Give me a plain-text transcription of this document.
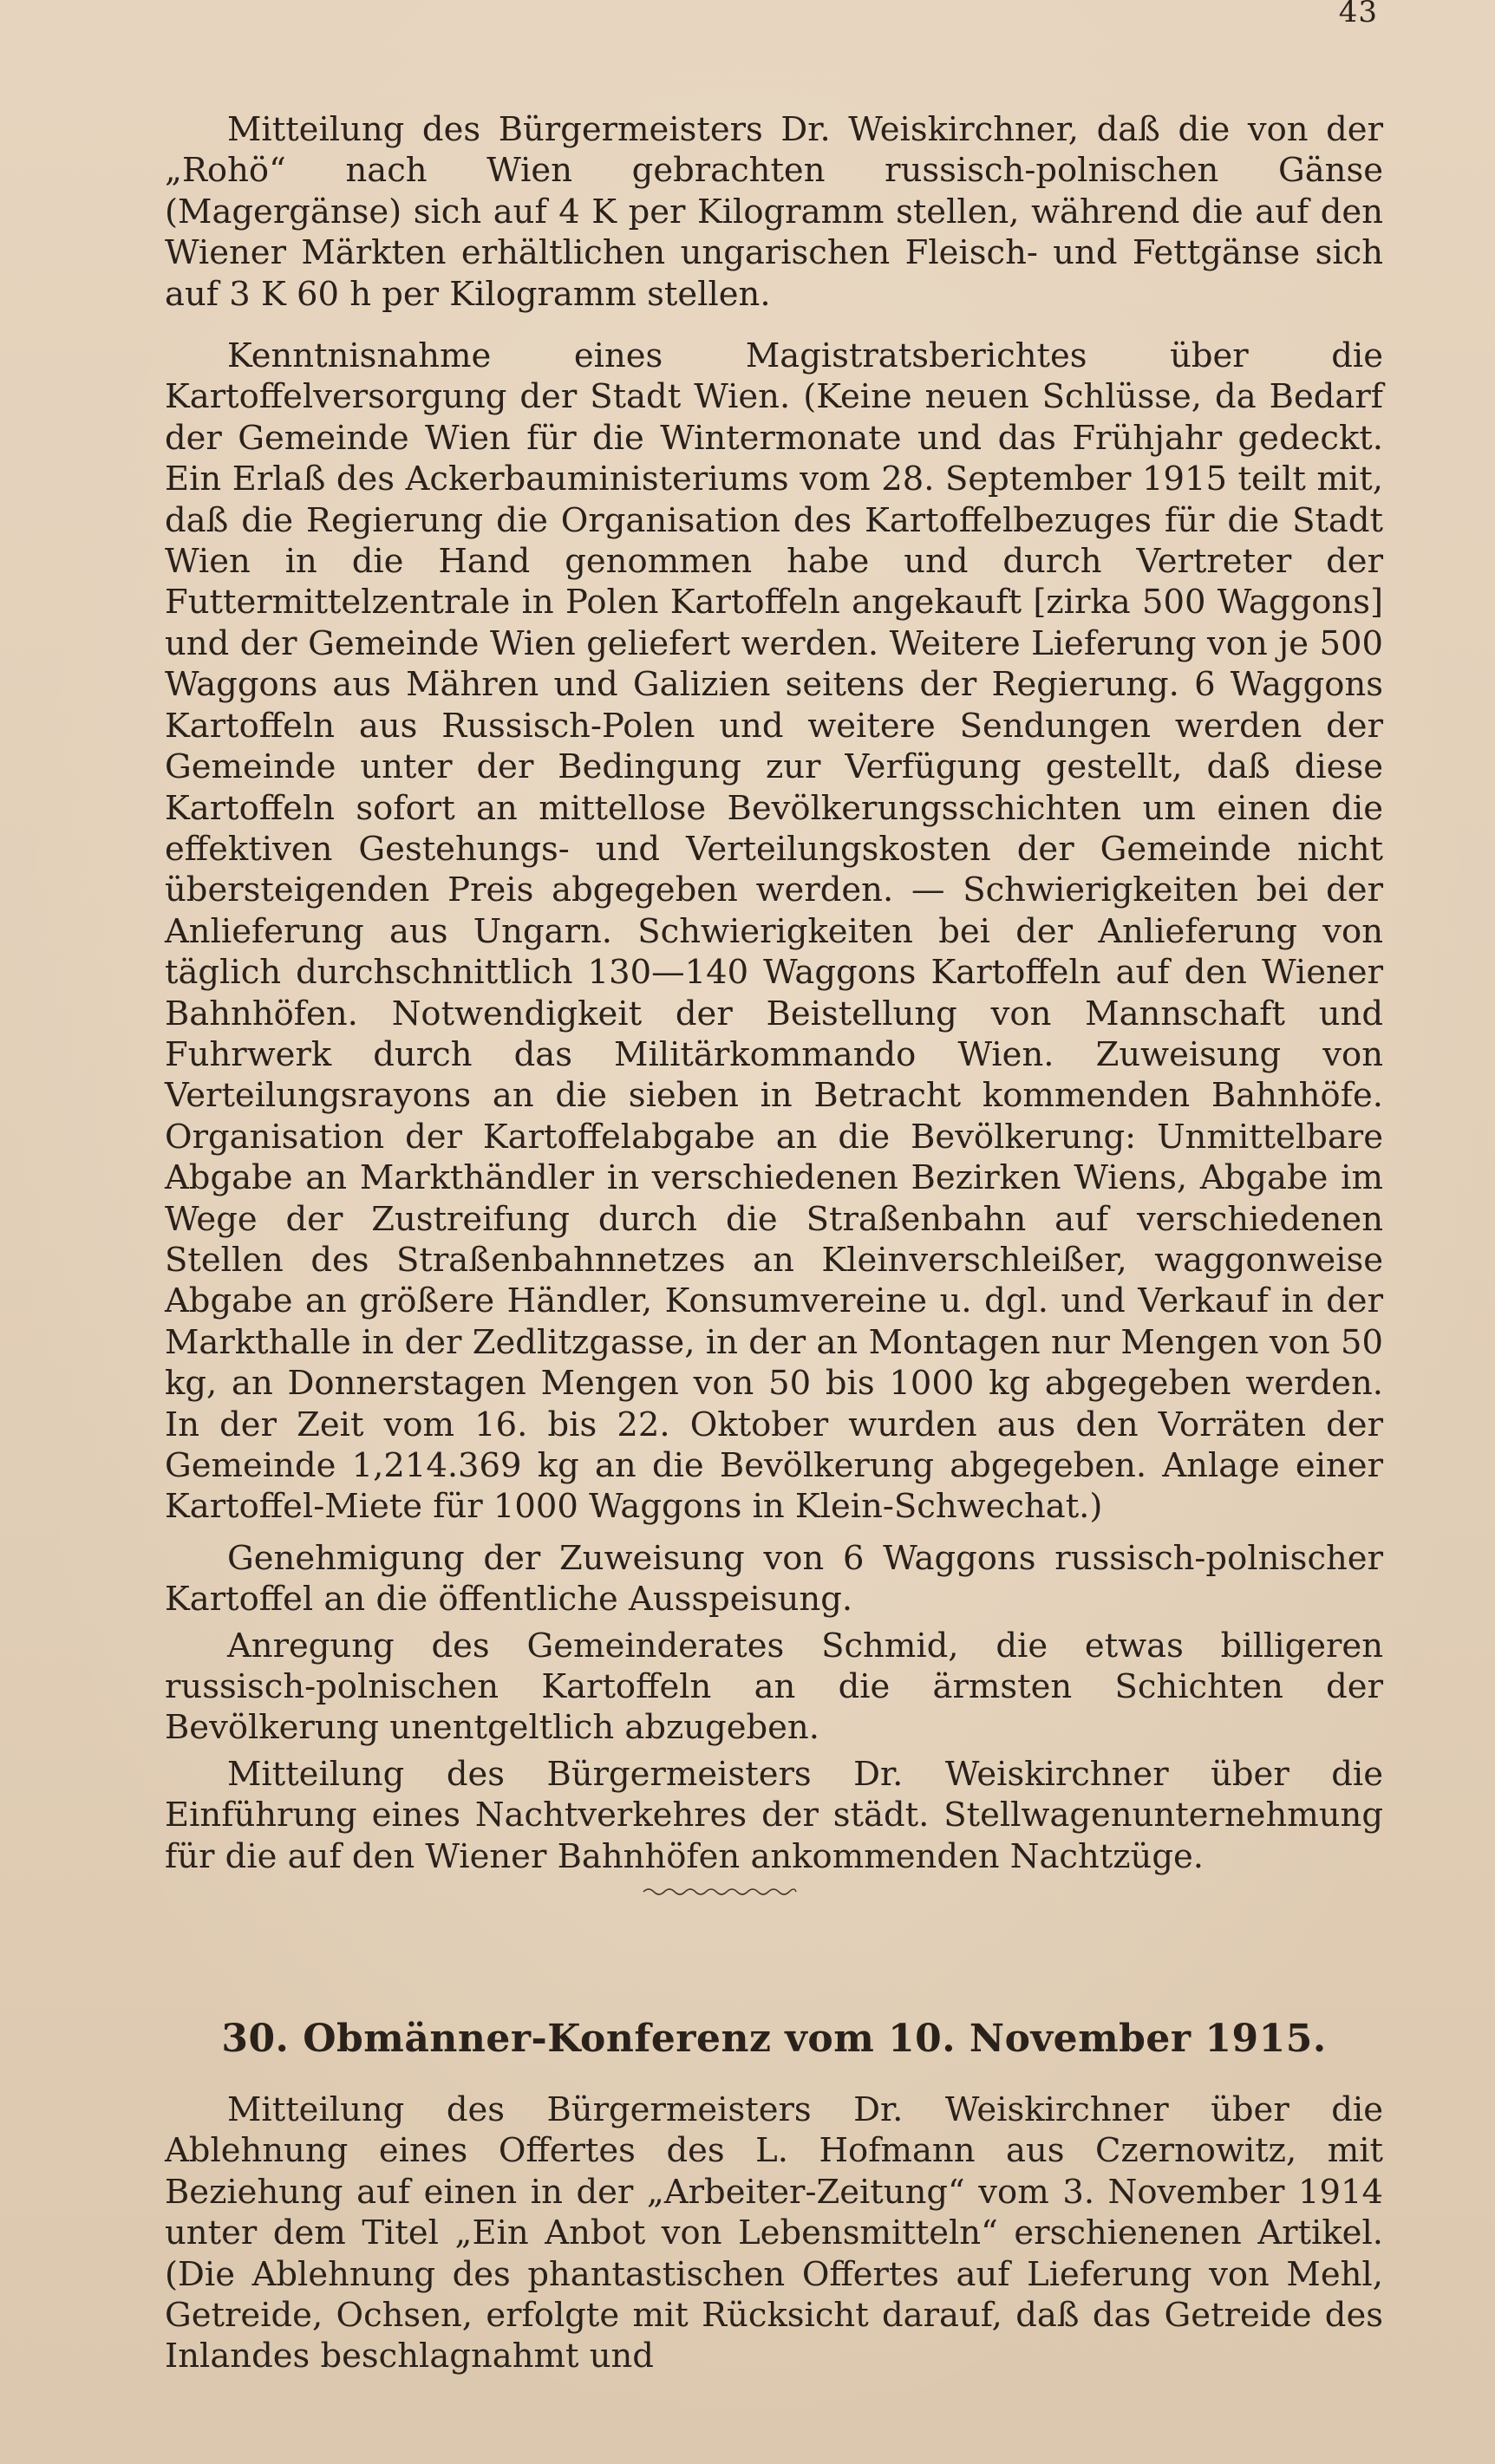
43

Mitteilung des Bürgermeisters Dr. Weiskirchner, daß die von der „Rohö“ nach Wien gebrachten russisch-polnischen Gänse (Magergänse) sich auf 4 K per Kilogramm stellen, während die auf den Wiener Märkten erhältlichen ungarischen Fleisch- und Fettgänse sich auf 3 K 60 h per Kilogramm stellen.

Kenntnisnahme eines Magistratsberichtes über die Kartoffelversorgung der Stadt Wien. (Keine neuen Schlüsse, da Bedarf der Gemeinde Wien für die Wintermonate und das Frühjahr gedeckt. Ein Erlaß des Ackerbauministeriums vom 28. September 1915 teilt mit, daß die Regierung die Organisation des Kartoffelbezuges für die Stadt Wien in die Hand genommen habe und durch Vertreter der Futtermittelzentrale in Polen Kartoffeln angekauft [zirka 500 Waggons] und der Gemeinde Wien geliefert werden. Weitere Lieferung von je 500 Waggons aus Mähren und Galizien seitens der Regierung. 6 Waggons Kartoffeln aus Russisch-Polen und weitere Sendungen werden der Gemeinde unter der Bedingung zur Verfügung gestellt, daß diese Kartoffeln sofort an mittellose Bevölkerungsschichten um einen die effektiven Gestehungs- und Verteilungskosten der Gemeinde nicht übersteigenden Preis abgegeben werden. — Schwierigkeiten bei der Anlieferung aus Ungarn. Schwierigkeiten bei der Anlieferung von täglich durchschnittlich 130—140 Waggons Kartoffeln auf den Wiener Bahnhöfen. Notwendigkeit der Beistellung von Mannschaft und Fuhrwerk durch das Militärkommando Wien. Zuweisung von Verteilungsrayons an die sieben in Betracht kommenden Bahnhöfe. Organisation der Kartoffelabgabe an die Bevölkerung: Unmittelbare Abgabe an Markthändler in verschiedenen Bezirken Wiens, Abgabe im Wege der Zustreifung durch die Straßenbahn auf verschiedenen Stellen des Straßenbahnnetzes an Kleinverschleißer, waggonweise Abgabe an größere Händler, Konsumvereine u. dgl. und Verkauf in der Markthalle in der Zedlitzgasse, in der an Montagen nur Mengen von 50 kg, an Donnerstagen Mengen von 50 bis 1000 kg abgegeben werden. In der Zeit vom 16. bis 22. Oktober wurden aus den Vorräten der Gemeinde 1,214.369 kg an die Bevölkerung abgegeben. Anlage einer Kartoffel-Miete für 1000 Waggons in Klein-Schwechat.)

Genehmigung der Zuweisung von 6 Waggons russisch-polnischer Kartoffel an die öffentliche Ausspeisung.

Anregung des Gemeinderates Schmid, die etwas billigeren russisch-polnischen Kartoffeln an die ärmsten Schichten der Bevölkerung unentgeltlich abzugeben.

Mitteilung des Bürgermeisters Dr. Weiskirchner über die Einführung eines Nachtverkehres der städt. Stellwagenunternehmung für die auf den Wiener Bahnhöfen ankommenden Nachtzüge.

30. Obmänner-Konferenz vom 10. November 1915.

Mitteilung des Bürgermeisters Dr. Weiskirchner über die Ablehnung eines Offertes des L. Hofmann aus Czernowitz, mit Beziehung auf einen in der „Arbeiter-Zeitung“ vom 3. November 1914 unter dem Titel „Ein Anbot von Lebensmitteln“ erschienenen Artikel. (Die Ablehnung des phantastischen Offertes auf Lieferung von Mehl, Getreide, Ochsen, erfolgte mit Rücksicht darauf, daß das Getreide des Inlandes beschlagnahmt und
